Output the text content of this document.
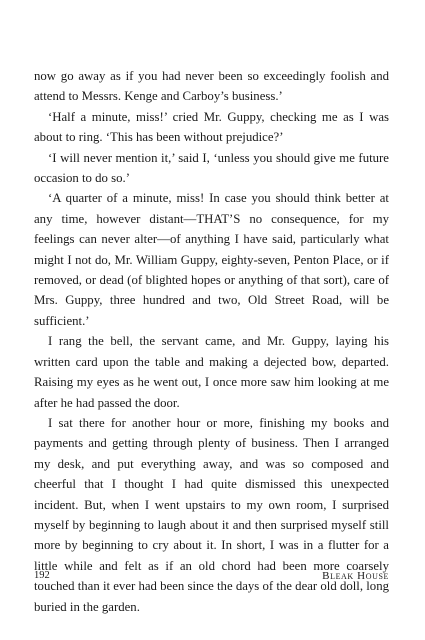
now go away as if you had never been so exceedingly foolish and attend to Messrs. Kenge and Carboy’s business.’

‘Half a minute, miss!’ cried Mr. Guppy, checking me as I was about to ring. ‘This has been without prejudice?’

‘I will never mention it,’ said I, ‘unless you should give me future occasion to do so.’

‘A quarter of a minute, miss! In case you should think better at any time, however distant—THAT’S no consequence, for my feelings can never alter—of anything I have said, particularly what might I not do, Mr. William Guppy, eighty-seven, Penton Place, or if removed, or dead (of blighted hopes or anything of that sort), care of Mrs. Guppy, three hundred and two, Old Street Road, will be sufficient.’

I rang the bell, the servant came, and Mr. Guppy, laying his written card upon the table and making a dejected bow, departed. Raising my eyes as he went out, I once more saw him looking at me after he had passed the door.

I sat there for another hour or more, finishing my books and payments and getting through plenty of business. Then I arranged my desk, and put everything away, and was so composed and cheerful that I thought I had quite dismissed this unexpected incident. But, when I went upstairs to my own room, I surprised myself by beginning to laugh about it and then surprised myself still more by beginning to cry about it. In short, I was in a flutter for a little while and felt as if an old chord had been more coarsely touched than it ever had been since the days of the dear old doll, long buried in the garden.

192	Bleak House
